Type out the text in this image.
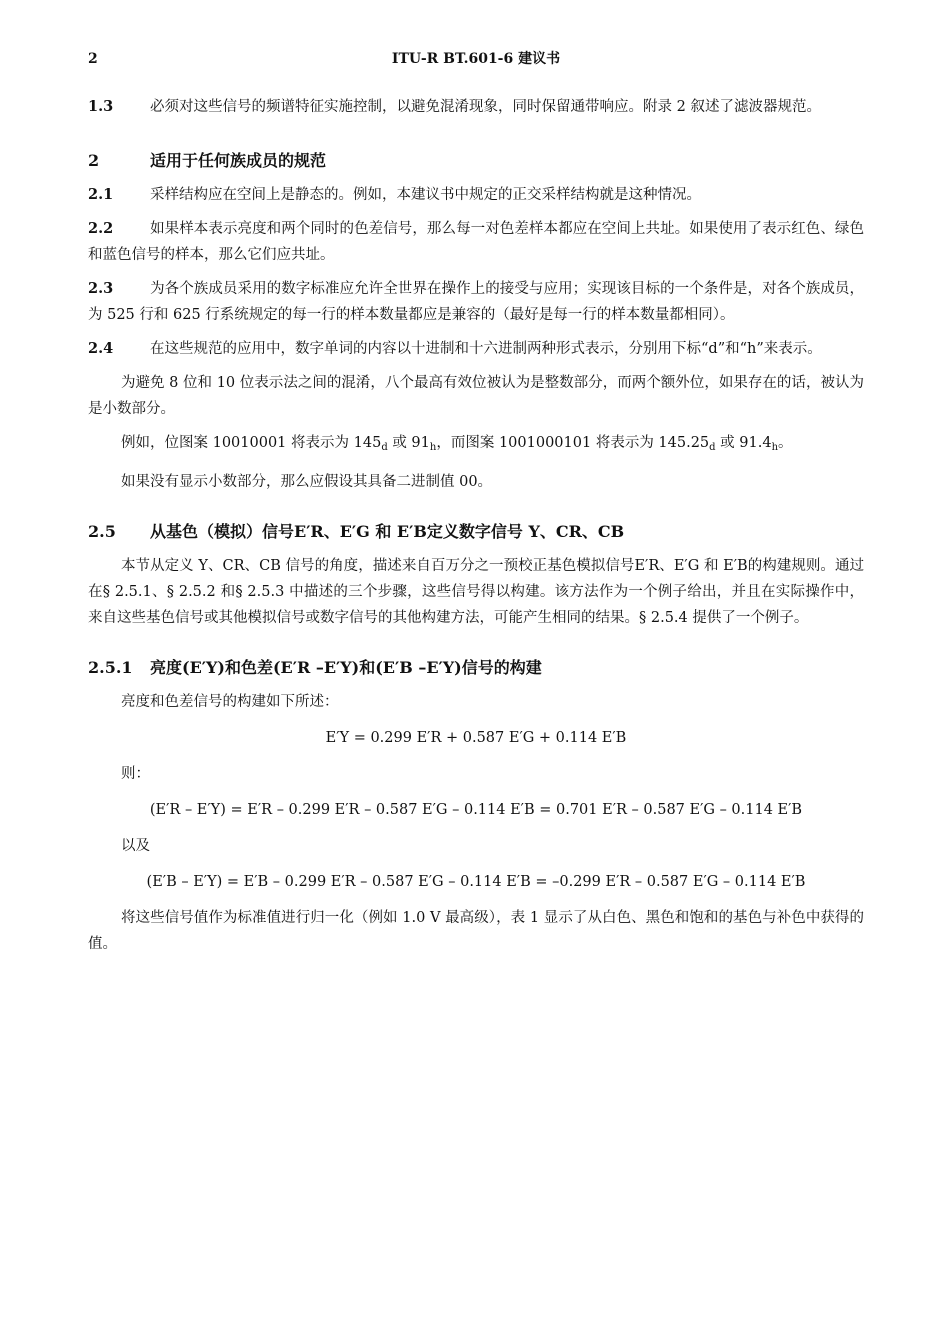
2	ITU-R BT.601-6 建议书

1.3	必须对这些信号的频谱特征实施控制，以避免混淆现象，同时保留通带响应。附录 2 叙述了滤波器规范。

2	适用于任何族成员的规范

2.1	采样结构应在空间上是静态的。例如，本建议书中规定的正交采样结构就是这种情况。

2.2	如果样本表示亮度和两个同时的色差信号，那么每一对色差样本都应在空间上共址。如果使用了表示红色、绿色和蓝色信号的样本，那么它们应共址。

2.3	为各个族成员采用的数字标准应允许全世界在操作上的接受与应用；实现该目标的一个条件是，对各个族成员，为 525 行和 625 行系统规定的每一行的样本数量都应是兼容的（最好是每一行的样本数量都相同）。

2.4	在这些规范的应用中，数字单词的内容以十进制和十六进制两种形式表示，分别用下标“d”和“h”来表示。

为避免 8 位和 10 位表示法之间的混淆，八个最高有效位被认为是整数部分，而两个额外位，如果存在的话，被认为是小数部分。

例如，位图案 10010001 将表示为 $145_d$ 或 $91_h$，而图案 1001000101 将表示为 $145.25_d$ 或 $91.4_h$。

如果没有显示小数部分，那么应假设其具备二进制值 00。

2.5 从基色（模拟）信号E′R、E′G 和 E′B定义数字信号 Y、CR、CB

本节从定义 Y、CR、CB 信号的角度，描述来自百万分之一预校正基色模拟信号E′R、E′G 和 E′B的构建规则。通过在§ 2.5.1、§ 2.5.2 和§ 2.5.3 中描述的三个步骤，这些信号得以构建。该方法作为一个例子给出，并且在实际操作中，来自这些基色信号或其他模拟信号或数字信号的其他构建方法，可能产生相同的结果。§ 2.5.4 提供了一个例子。

2.5.1 亮度(E′Y)和色差(E′R –E′Y)和(E′B –E′Y)信号的构建

亮度和色差信号的构建如下所述：

E′Y = 0.299 E′R + 0.587 E′G + 0.114 E′B

则：

(E′R – E′Y) = E′R – 0.299 E′R – 0.587 E′G – 0.114 E′B = 0.701 E′R – 0.587 E′G – 0.114 E′B

以及

(E′B – E′Y) = E′B – 0.299 E′R – 0.587 E′G – 0.114 E′B = –0.299 E′R – 0.587 E′G – 0.114 E′B

将这些信号值作为标准值进行归一化（例如 1.0 V 最高级），表 1 显示了从白色、黑色和饱和的基色与补色中获得的值。
